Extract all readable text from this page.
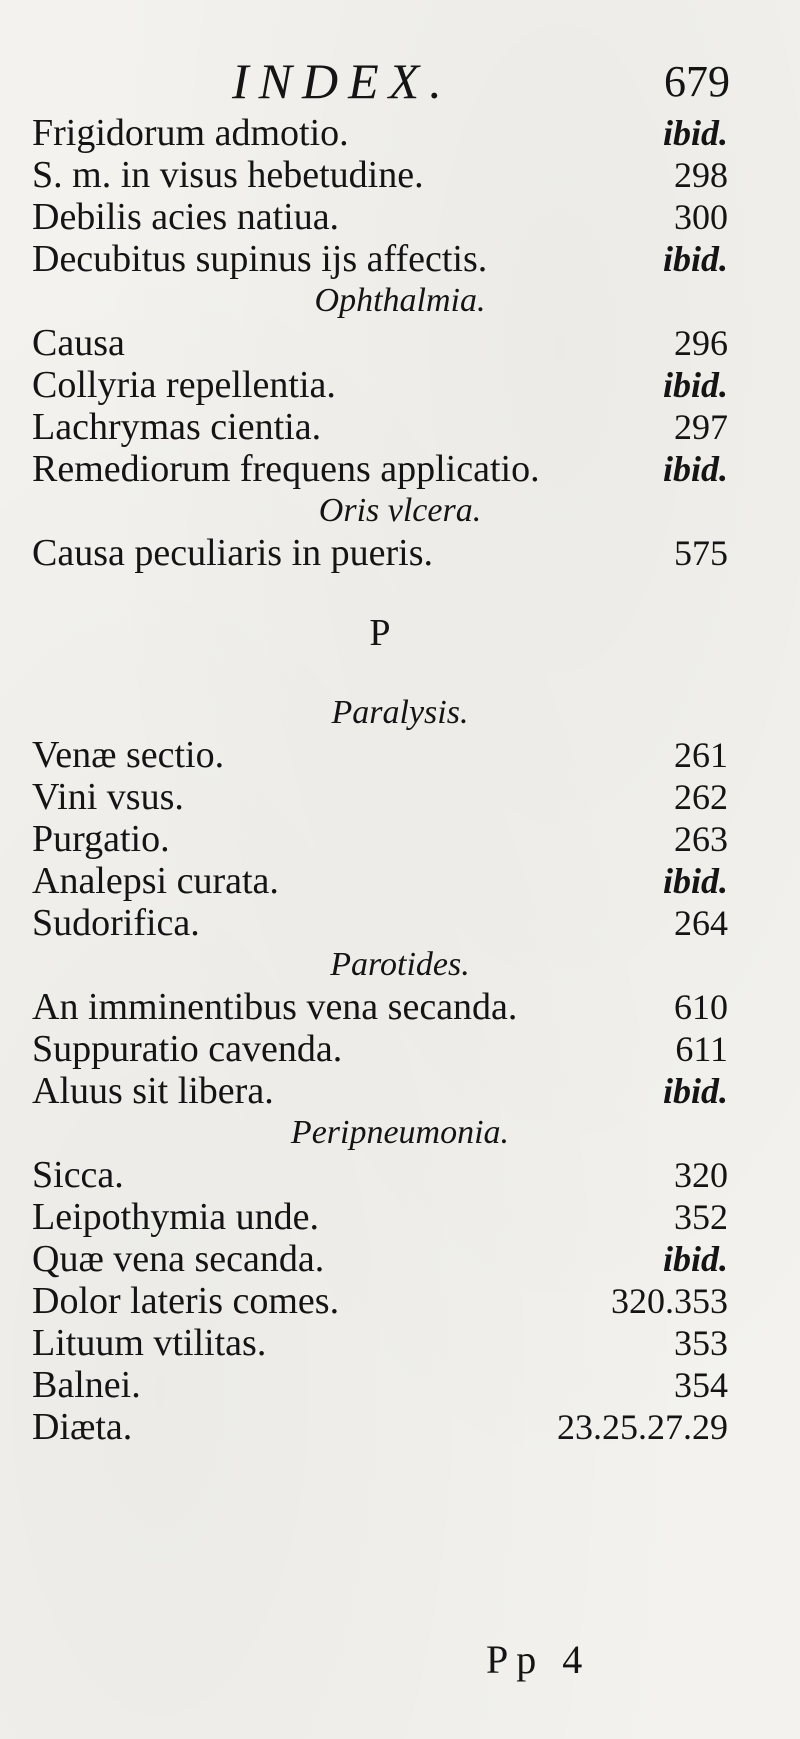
INDEX.	679
Frigidorum admotio.	ibid.
S. m. in visus hebetudine.	298
Debilis acies natiua.	300
Decubitus supinus ijs affectis.	ibid.
Ophthalmia.
Causa	296
Collyria repellentia.	ibid.
Lachrymas cientia.	297
Remediorum frequens applicatio.	ibid.
Oris vlcera.
Causa peculiaris in pueris.	575
P
Paralysis.
Venæ sectio.	261
Vini vsus.	262
Purgatio.	263
Analepsi curata.	ibid.
Sudorifica.	264
Parotides.
An imminentibus vena secanda.	610
Suppuratio cavenda.	611
Aluus sit libera.	ibid.
Peripneumonia.
Sicca.	320
Leipothymia unde.	352
Quæ vena secanda.	ibid.
Dolor lateris comes.	320.353
Lituum vtilitas.	353
Balnei.	354
Diæta.	23.25.27.29
Pp 4
